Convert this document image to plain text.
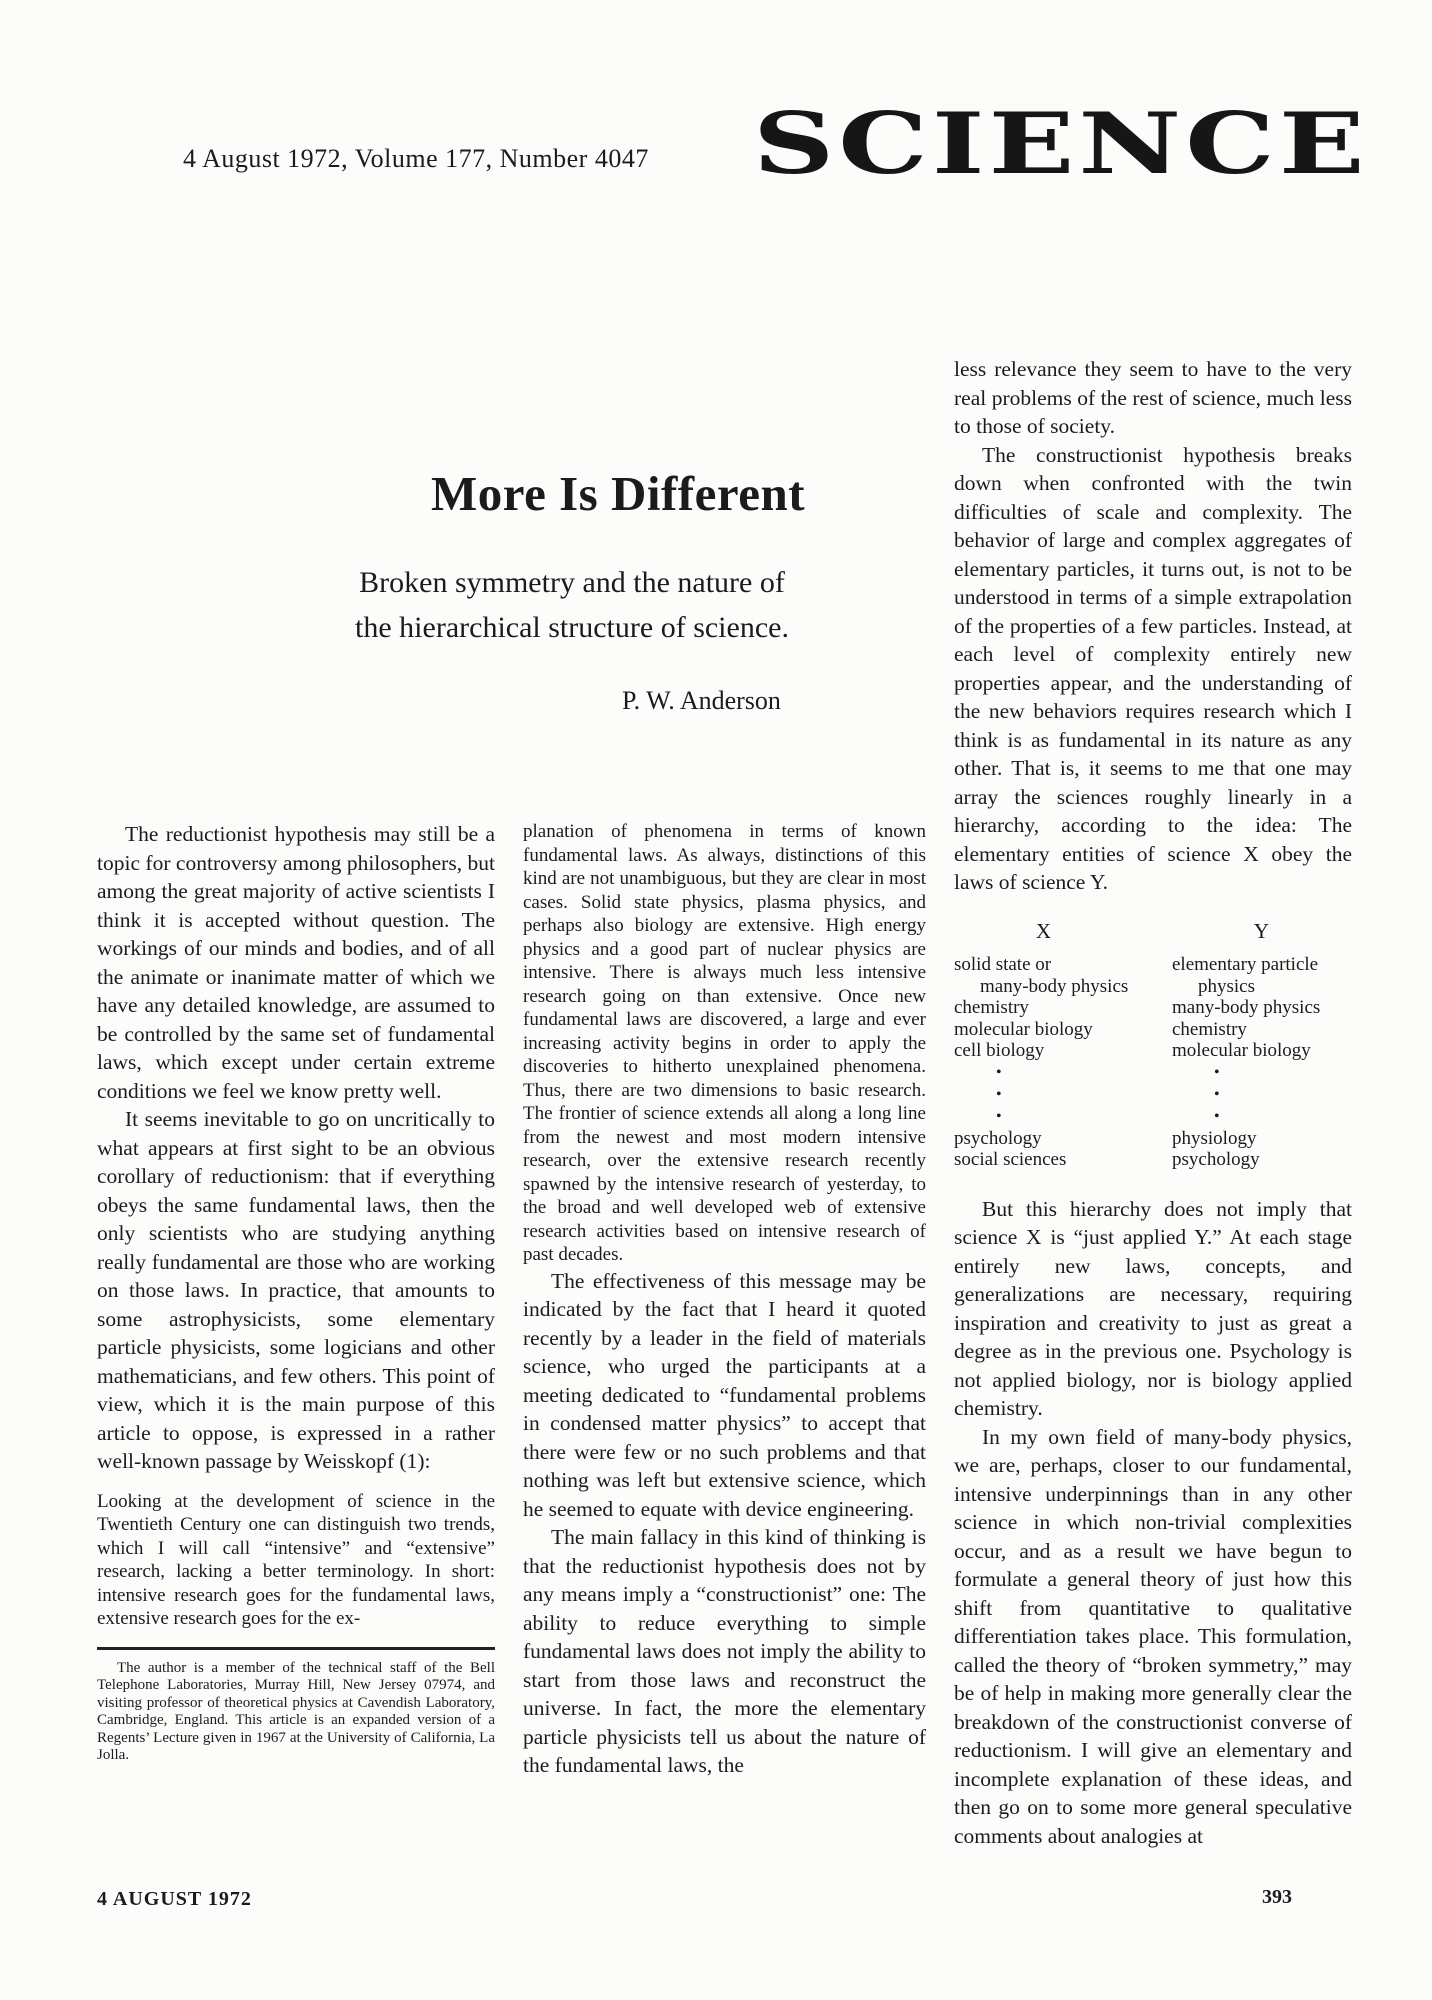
4 August 1972, Volume 177, Number 4047 SCIENCE
More Is Different
Broken symmetry and the nature of
the hierarchical structure of science.
P. W. Anderson

The reductionist hypothesis may still be a topic for controversy among philosophers, but among the great majority of active scientists I think it is accepted without question. The workings of our minds and bodies, and of all the animate or inanimate matter of which we have any detailed knowledge, are assumed to be controlled by the same set of fundamental laws, which except under certain extreme conditions we feel we know pretty well.

It seems inevitable to go on uncritically to what appears at first sight to be an obvious corollary of reductionism: that if everything obeys the same fundamental laws, then the only scientists who are studying anything really fundamental are those who are working on those laws. In practice, that amounts to some astrophysicists, some elementary particle physicists, some logicians and other mathematicians, and few others. This point of view, which it is the main purpose of this article to oppose, is expressed in a rather well-known passage by Weisskopf (1):

Looking at the development of science in the Twentieth Century one can distinguish two trends, which I will call “intensive” and “extensive” research, lacking a better terminology. In short: intensive research goes for the fundamental laws, extensive research goes for the ex-
The author is a member of the technical staff of the Bell Telephone Laboratories, Murray Hill, New Jersey 07974, and visiting professor of theoretical physics at Cavendish Laboratory, Cambridge, England. This article is an expanded version of a Regents’ Lecture given in 1967 at the University of California, La Jolla.
planation of phenomena in terms of known fundamental laws. As always, distinctions of this kind are not unambiguous, but they are clear in most cases. Solid state physics, plasma physics, and perhaps also biology are extensive. High energy physics and a good part of nuclear physics are intensive. There is always much less intensive research going on than extensive. Once new fundamental laws are discovered, a large and ever increasing activity begins in order to apply the discoveries to hitherto unexplained phenomena. Thus, there are two dimensions to basic research. The frontier of science extends all along a long line from the newest and most modern intensive research, over the extensive research recently spawned by the intensive research of yesterday, to the broad and well developed web of extensive research activities based on intensive research of past decades.

The effectiveness of this message may be indicated by the fact that I heard it quoted recently by a leader in the field of materials science, who urged the participants at a meeting dedicated to “fundamental problems in condensed matter physics” to accept that there were few or no such problems and that nothing was left but extensive science, which he seemed to equate with device engineering.

The main fallacy in this kind of thinking is that the reductionist hypothesis does not by any means imply a “constructionist” one: The ability to reduce everything to simple fundamental laws does not imply the ability to start from those laws and reconstruct the universe. In fact, the more the elementary particle physicists tell us about the nature of the fundamental laws, the

less relevance they seem to have to the very real problems of the rest of science, much less to those of society.

The constructionist hypothesis breaks down when confronted with the twin difficulties of scale and complexity. The behavior of large and complex aggregates of elementary particles, it turns out, is not to be understood in terms of a simple extrapolation of the properties of a few particles. Instead, at each level of complexity entirely new properties appear, and the understanding of the new behaviors requires research which I think is as fundamental in its nature as any other. That is, it seems to me that one may array the sciences roughly linearly in a hierarchy, according to the idea: The elementary entities of science X obey the laws of science Y.

X
solid state or
many-body physics
chemistry
molecular biology
cell biology
•
•
•
psychology
social sciences
Y
elementary particle
physics
many-body physics
chemistry
molecular biology
•
•
•
physiology
psychology

But this hierarchy does not imply that science X is “just applied Y.” At each stage entirely new laws, concepts, and generalizations are necessary, requiring inspiration and creativity to just as great a degree as in the previous one. Psychology is not applied biology, nor is biology applied chemistry.

In my own field of many-body physics, we are, perhaps, closer to our fundamental, intensive underpinnings than in any other science in which non-trivial complexities occur, and as a result we have begun to formulate a general theory of just how this shift from quantitative to qualitative differentiation takes place. This formulation, called the theory of “broken symmetry,” may be of help in making more generally clear the breakdown of the constructionist converse of reductionism. I will give an elementary and incomplete explanation of these ideas, and then go on to some more general speculative comments about analogies at

4 AUGUST 1972	393
